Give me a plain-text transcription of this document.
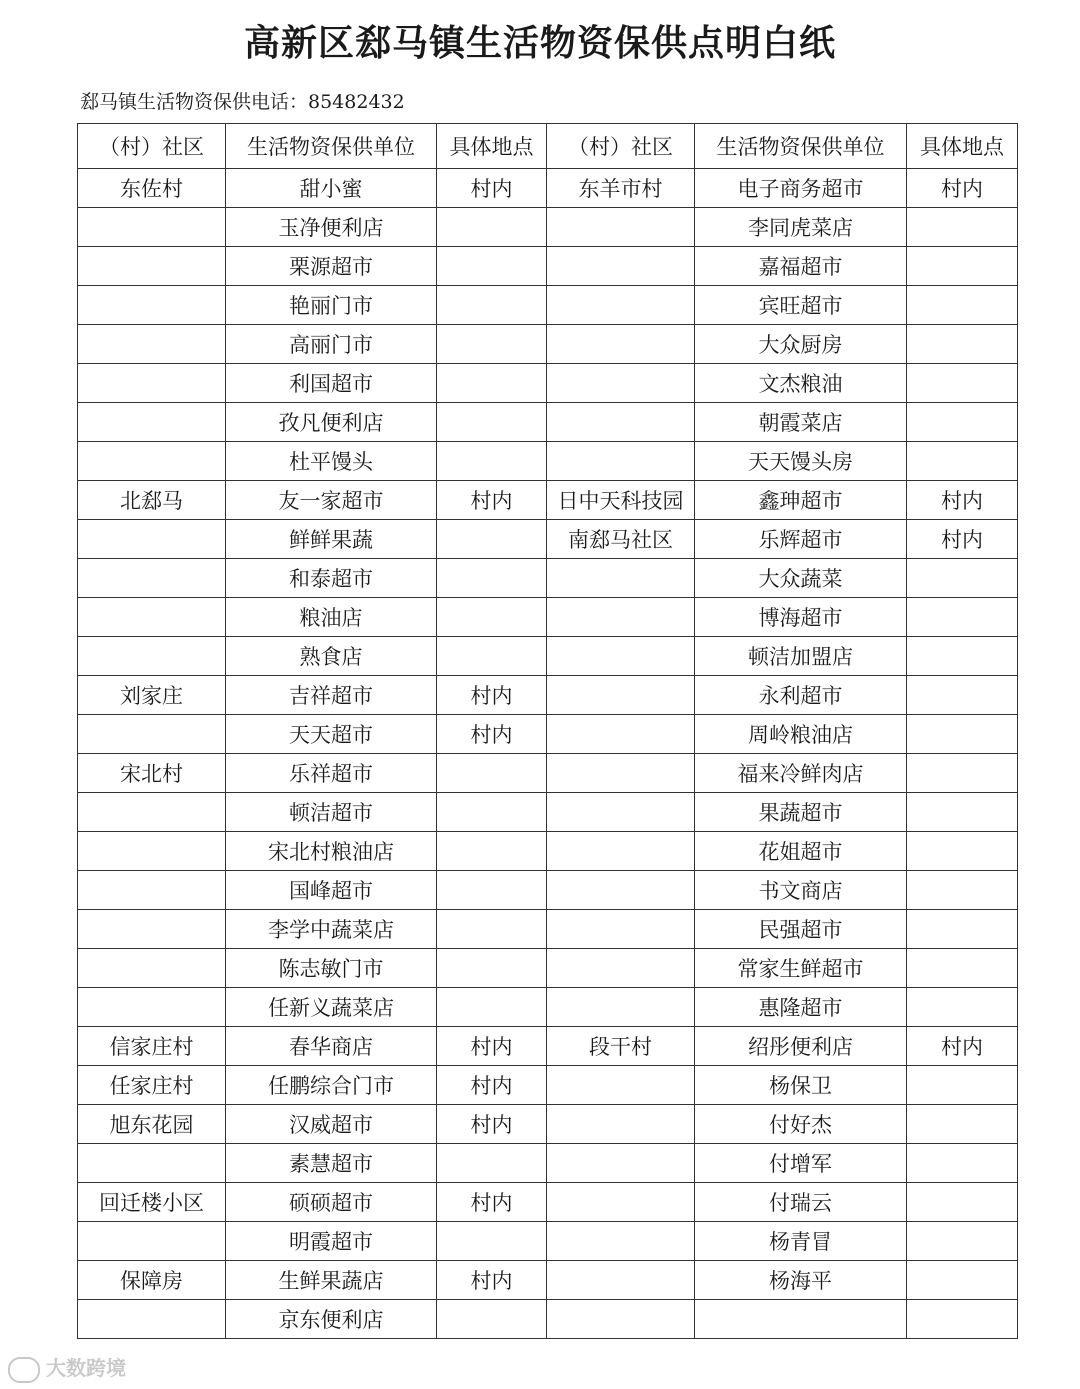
高新区郄马镇生活物资保供点明白纸
郄马镇生活物资保供电话：85482432
（村）社区	生活物资保供单位	具体地点	（村）社区	生活物资保供单位	具体地点
东佐村	甜小蜜	村内	东羊市村	电子商务超市	村内
	玉净便利店			李同虎菜店	
	栗源超市			嘉福超市	
	艳丽门市			宾旺超市	
	高丽门市			大众厨房	
	利国超市			文杰粮油	
	孜凡便利店			朝霞菜店	
	杜平馒头			天天馒头房	
北郄马	友一家超市	村内	日中天科技园	鑫珅超市	村内
	鲜鲜果蔬		南郄马社区	乐辉超市	村内
	和泰超市			大众蔬菜	
	粮油店			博海超市	
	熟食店			顿洁加盟店	
刘家庄	吉祥超市	村内		永利超市	
	天天超市	村内		周岭粮油店	
宋北村	乐祥超市			福来冷鲜肉店	
	顿洁超市			果蔬超市	
	宋北村粮油店			花姐超市	
	国峰超市			书文商店	
	李学中蔬菜店			民强超市	
	陈志敏门市			常家生鲜超市	
	任新义蔬菜店			惠隆超市	
信家庄村	春华商店	村内	段干村	绍彤便利店	村内
任家庄村	任鹏综合门市	村内		杨保卫	
旭东花园	汉威超市	村内		付好杰	
	素慧超市			付增军	
回迁楼小区	硕硕超市	村内		付瑞云	
	明霞超市			杨青冒	
保障房	生鲜果蔬店	村内		杨海平	
	京东便利店				
大数跨境
